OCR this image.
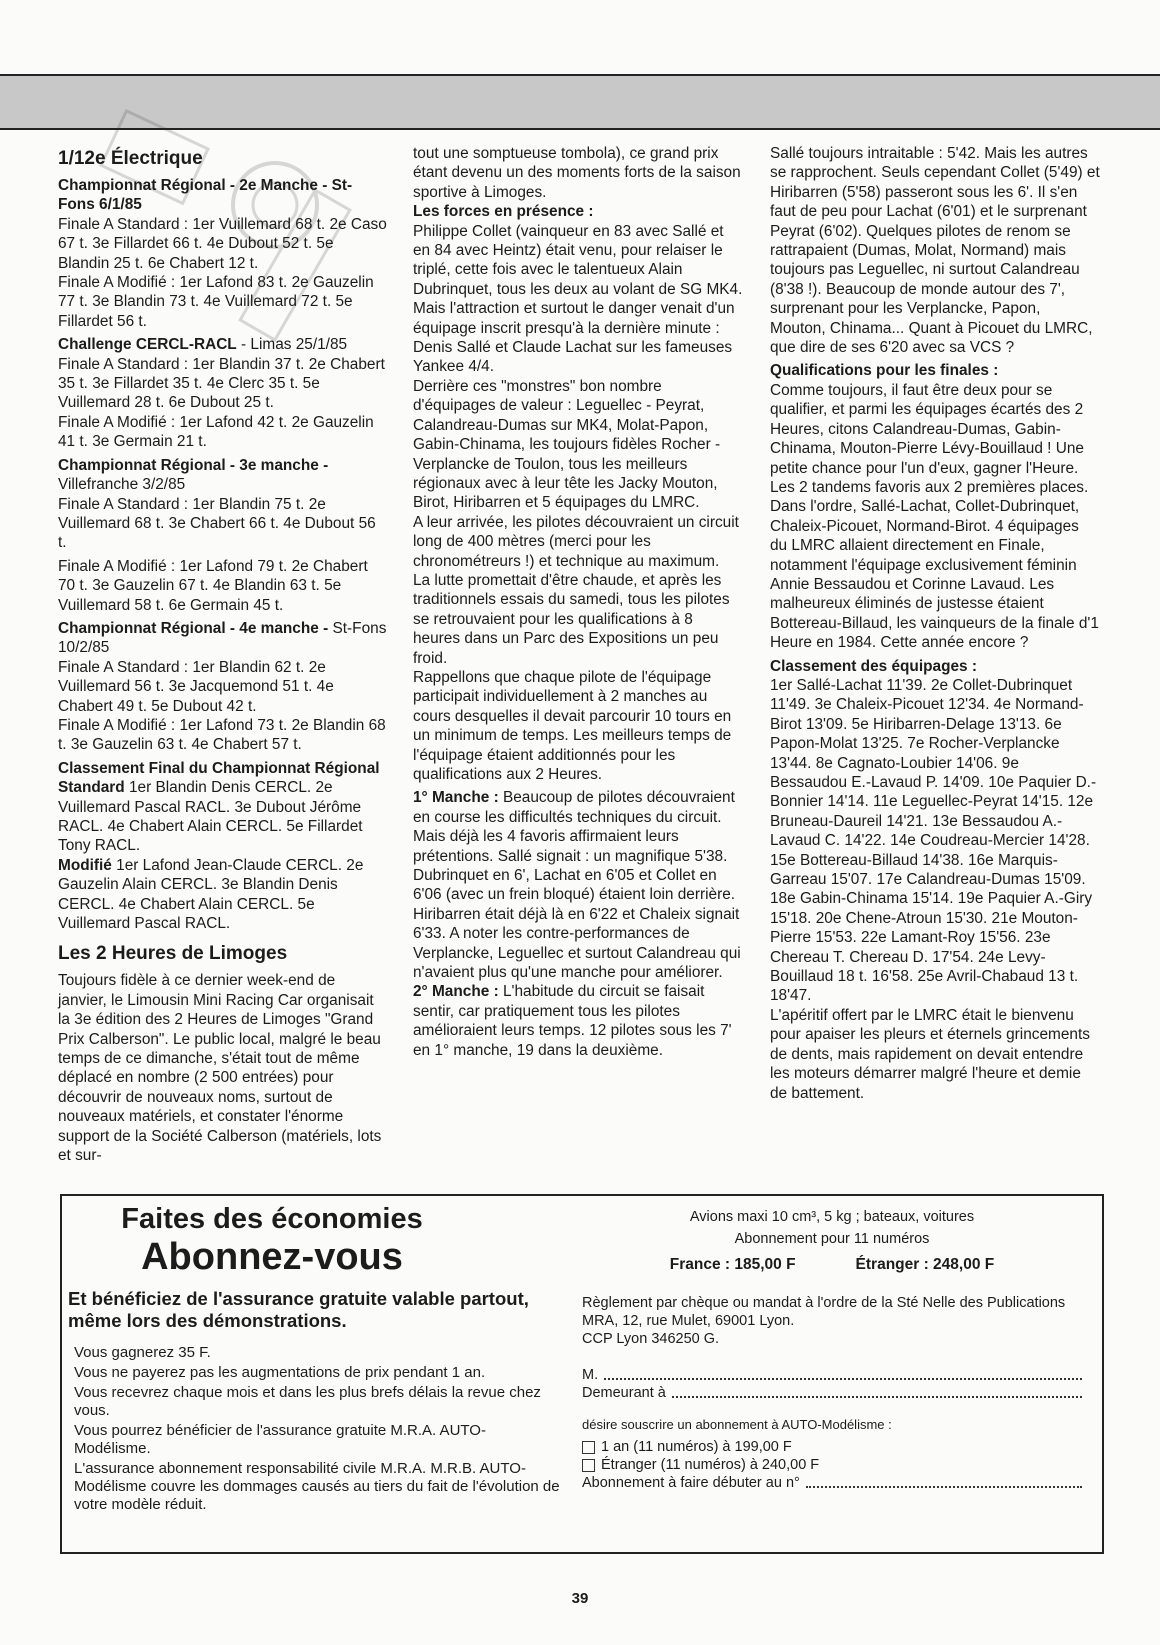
1/12e Électrique

Championnat Régional - 2e Manche - St-Fons 6/1/85

Finale A Standard : 1er Vuillemard 68 t. 2e Caso 67 t. 3e Fillardet 66 t. 4e Dubout 52 t. 5e Blandin 25 t. 6e Chabert 12 t.

Finale A Modifié : 1er Lafond 83 t. 2e Gauzelin 77 t. 3e Blandin 73 t. 4e Vuillemard 72 t. 5e Fillardet 56 t.

Challenge CERCL-RACL - Limas 25/1/85

Finale A Standard : 1er Blandin 37 t. 2e Chabert 35 t. 3e Fillardet 35 t. 4e Clerc 35 t. 5e Vuillemard 28 t. 6e Dubout 25 t.

Finale A Modifié : 1er Lafond 42 t. 2e Gauzelin 41 t. 3e Germain 21 t.

Championnat Régional - 3e manche - Villefranche 3/2/85

Finale A Standard : 1er Blandin 75 t. 2e Vuillemard 68 t. 3e Chabert 66 t. 4e Dubout 56 t.

Finale A Modifié : 1er Lafond 79 t. 2e Chabert 70 t. 3e Gauzelin 67 t. 4e Blandin 63 t. 5e Vuillemard 58 t. 6e Germain 45 t.

Championnat Régional - 4e manche - St-Fons 10/2/85

Finale A Standard : 1er Blandin 62 t. 2e Vuillemard 56 t. 3e Jacquemond 51 t. 4e Chabert 49 t. 5e Dubout 42 t.

Finale A Modifié : 1er Lafond 73 t. 2e Blandin 68 t. 3e Gauzelin 63 t. 4e Chabert 57 t.

Classement Final du Championnat Régional

Standard 1er Blandin Denis CERCL. 2e Vuillemard Pascal RACL. 3e Dubout Jérôme RACL. 4e Chabert Alain CERCL. 5e Fillardet Tony RACL.

Modifié 1er Lafond Jean-Claude CERCL. 2e Gauzelin Alain CERCL. 3e Blandin Denis CERCL. 4e Chabert Alain CERCL. 5e Vuillemard Pascal RACL.

Les 2 Heures de Limoges

Toujours fidèle à ce dernier week-end de janvier, le Limousin Mini Racing Car organisait la 3e édition des 2 Heures de Limoges "Grand Prix Calberson". Le public local, malgré le beau temps de ce dimanche, s'était tout de même déplacé en nombre (2 500 entrées) pour découvrir de nouveaux noms, surtout de nouveaux matériels, et constater l'énorme support de la Société Calberson (matériels, lots et sur-

tout une somptueuse tombola), ce grand prix étant devenu un des moments forts de la saison sportive à Limoges.

Les forces en présence :

Philippe Collet (vainqueur en 83 avec Sallé et en 84 avec Heintz) était venu, pour relaiser le triplé, cette fois avec le talentueux Alain Dubrinquet, tous les deux au volant de SG MK4. Mais l'attraction et surtout le danger venait d'un équipage inscrit presqu'à la dernière minute : Denis Sallé et Claude Lachat sur les fameuses Yankee 4/4.

Derrière ces "monstres" bon nombre d'équipages de valeur : Leguellec - Peyrat, Calandreau-Dumas sur MK4, Molat-Papon, Gabin-Chinama, les toujours fidèles Rocher - Verplancke de Toulon, tous les meilleurs régionaux avec à leur tête les Jacky Mouton, Birot, Hiribarren et 5 équipages du LMRC.

A leur arrivée, les pilotes découvraient un circuit long de 400 mètres (merci pour les chronométreurs !) et technique au maximum.

La lutte promettait d'être chaude, et après les traditionnels essais du samedi, tous les pilotes se retrouvaient pour les qualifications à 8 heures dans un Parc des Expositions un peu froid.

Rappellons que chaque pilote de l'équipage participait individuellement à 2 manches au cours desquelles il devait parcourir 10 tours en un minimum de temps. Les meilleurs temps de l'équipage étaient additionnés pour les qualifications aux 2 Heures.

1° Manche : Beaucoup de pilotes découvraient en course les difficultés techniques du circuit. Mais déjà les 4 favoris affirmaient leurs prétentions. Sallé signait : un magnifique 5'38. Dubrinquet en 6', Lachat en 6'05 et Collet en 6'06 (avec un frein bloqué) étaient loin derrière. Hiribarren était déjà là en 6'22 et Chaleix signait 6'33. A noter les contre-performances de Verplancke, Leguellec et surtout Calandreau qui n'avaient plus qu'une manche pour améliorer.

2° Manche : L'habitude du circuit se faisait sentir, car pratiquement tous les pilotes amélioraient leurs temps. 12 pilotes sous les 7' en 1° manche, 19 dans la deuxième.

Sallé toujours intraitable : 5'42. Mais les autres se rapprochent. Seuls cependant Collet (5'49) et Hiribarren (5'58) passeront sous les 6'. Il s'en faut de peu pour Lachat (6'01) et le surprenant Peyrat (6'02). Quelques pilotes de renom se rattrapaient (Dumas, Molat, Normand) mais toujours pas Leguellec, ni surtout Calandreau (8'38 !). Beaucoup de monde autour des 7', surprenant pour les Verplancke, Papon, Mouton, Chinama... Quant à Picouet du LMRC, que dire de ses 6'20 avec sa VCS ?

Qualifications pour les finales :

Comme toujours, il faut être deux pour se qualifier, et parmi les équipages écartés des 2 Heures, citons Calandreau-Dumas, Gabin-Chinama, Mouton-Pierre Lévy-Bouillaud ! Une petite chance pour l'un d'eux, gagner l'Heure. Les 2 tandems favoris aux 2 premières places. Dans l'ordre, Sallé-Lachat, Collet-Dubrinquet, Chaleix-Picouet, Normand-Birot. 4 équipages du LMRC allaient directement en Finale, notamment l'équipage exclusivement féminin Annie Bessaudou et Corinne Lavaud. Les malheureux éliminés de justesse étaient Bottereau-Billaud, les vainqueurs de la finale d'1 Heure en 1984. Cette année encore ?

Classement des équipages :

1er Sallé-Lachat 11'39. 2e Collet-Dubrinquet 11'49. 3e Chaleix-Picouet 12'34. 4e Normand-Birot 13'09. 5e Hiribarren-Delage 13'13. 6e Papon-Molat 13'25. 7e Rocher-Verplancke 13'44. 8e Cagnato-Loubier 14'06. 9e Bessaudou E.-Lavaud P. 14'09. 10e Paquier D.-Bonnier 14'14. 11e Leguellec-Peyrat 14'15. 12e Bruneau-Daureil 14'21. 13e Bessaudou A.-Lavaud C. 14'22. 14e Coudreau-Mercier 14'28. 15e Bottereau-Billaud 14'38. 16e Marquis-Garreau 15'07. 17e Calandreau-Dumas 15'09. 18e Gabin-Chinama 15'14. 19e Paquier A.-Giry 15'18. 20e Chene-Atroun 15'30. 21e Mouton-Pierre 15'53. 22e Lamant-Roy 15'56. 23e Chereau T. Chereau D. 17'54. 24e Levy-Bouillaud 18 t. 16'58. 25e Avril-Chabaud 13 t. 18'47.

L'apéritif offert par le LMRC était le bienvenu pour apaiser les pleurs et éternels grincements de dents, mais rapidement on devait entendre les moteurs démarrer malgré l'heure et demie de battement.

Faites des économies
Abonnez-vous
Et bénéficiez de l'assurance gratuite valable partout, même lors des démonstrations.

Vous gagnerez 35 F.

Vous ne payerez pas les augmentations de prix pendant 1 an.

Vous recevrez chaque mois et dans les plus brefs délais la revue chez vous.

Vous pourrez bénéficier de l'assurance gratuite M.R.A. AUTO-Modélisme.

L'assurance abonnement responsabilité civile M.R.A. M.R.B. AUTO-Modélisme couvre les dommages causés au tiers du fait de l'évolution de votre modèle réduit.

Avions maxi 10 cm³, 5 kg ; bateaux, voitures

Abonnement pour 11 numéros

France : 185,00 F	Étranger : 248,00 F

Règlement par chèque ou mandat à l'ordre de la Sté Nelle des Publications MRA, 12, rue Mulet, 69001 Lyon.

CCP Lyon 346250 G.

M.
Demeurant à

désire souscrire un abonnement à AUTO-Modélisme :

1 an (11 numéros) à 199,00 F

Étranger (11 numéros) à 240,00 F

Abonnement à faire débuter au n°
39
